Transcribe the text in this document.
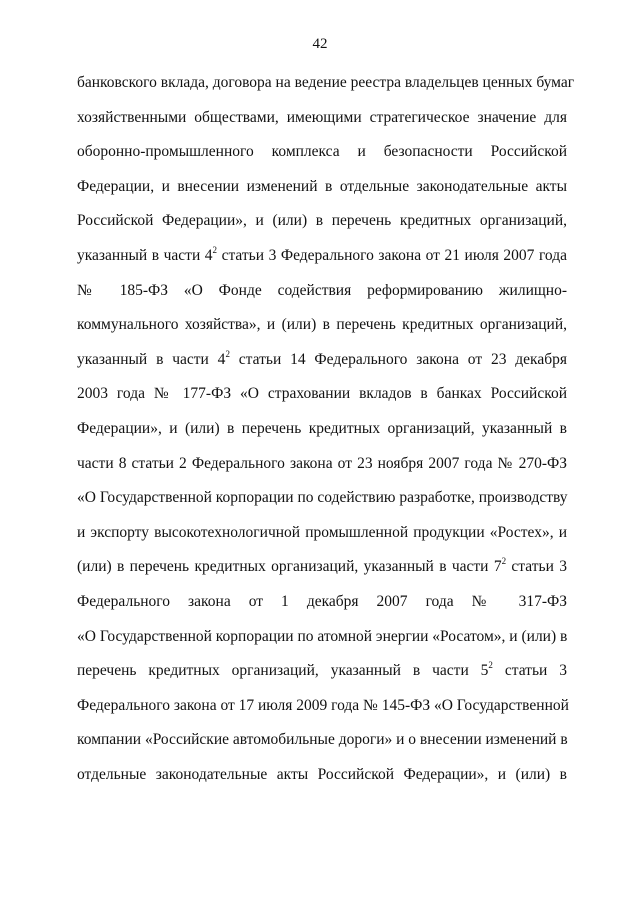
42
банковского вклада, договора на ведение реестра владельцев ценных бумаг
хозяйственными обществами, имеющими стратегическое значение для
оборонно-промышленного комплекса и безопасности Российской
Федерации, и внесении изменений в отдельные законодательные акты
Российской Федерации», и (или) в перечень кредитных организаций,
указанный в части $4^2$ статьи 3 Федерального закона от 21 июля 2007 года
№ 185-ФЗ «О Фонде содействия реформированию жилищно-
коммунального хозяйства», и (или) в перечень кредитных организаций,
указанный в части $4^2$ статьи 14 Федерального закона от 23 декабря
2003 года № 177-ФЗ «О страховании вкладов в банках Российской
Федерации», и (или) в перечень кредитных организаций, указанный в
части 8 статьи 2 Федерального закона от 23 ноября 2007 года № 270-ФЗ
«О Государственной корпорации по содействию разработке, производству
и экспорту высокотехнологичной промышленной продукции «Ростех», и
(или) в перечень кредитных организаций, указанный в части $7^2$ статьи 3
Федерального закона от 1 декабря 2007 года № 317-ФЗ
«О Государственной корпорации по атомной энергии «Росатом», и (или) в
перечень кредитных организаций, указанный в части $5^2$ статьи 3
Федерального закона от 17 июля 2009 года № 145-ФЗ «О Государственной
компании «Российские автомобильные дороги» и о внесении изменений в
отдельные законодательные акты Российской Федерации», и (или) в
